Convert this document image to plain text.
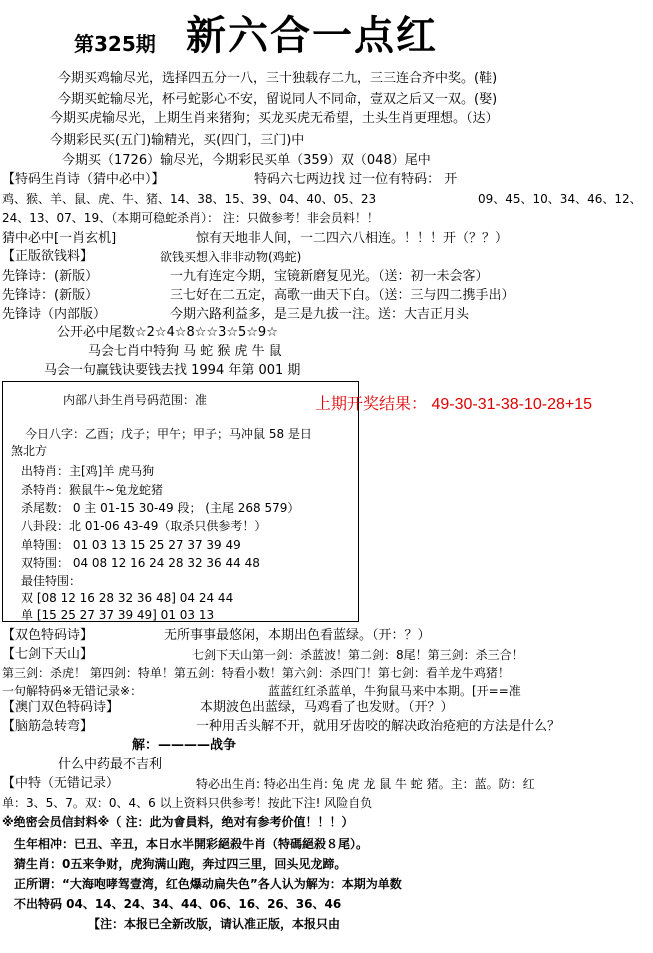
第325期 新六合一点红
今期买鸡输尽光，选择四五分一八，三十独载存二九，三三连合齐中奖。(鞋)
今期买蛇输尽光，杯弓蛇影心不安，留说同人不同命，壹双之后又一双。(娶)
今期买虎输尽光，上期生肖来猪狗；买龙买虎无希望，土头生肖更理想。（达）
今期彩民买(五门)输精光，买(四门，三门)中
今期买（1726）输尽光，今期彩民买单（359）双（048）尾中
【特码生肖诗（猜中必中）】	特码六七两边找 过一位有特码： 开
鸡、猴、羊、鼠、虎、牛、猪、14、38、15、39、04、40、05、23	09、45、10、34、46、12、
24、13、07、19、（本期可稳蛇杀肖）： 注：只做参考！非会员料！！
猜中必中[一肖玄机]	惊有天地非人间，一二四六八相连。！！！开（？？）
【正版欲钱料】	欲钱买想入非非动物(鸡蛇)
先锋诗：(新版）	一九有连定今期，宝镜新磨复见光。（送：初一未会客）
先锋诗：(新版）	三七好在二五定，高歌一曲天下白。（送：三与四二携手出）
先锋诗（内部版）	今期六路利益多，是三是九拔一注。送：大吉正月头
公开必中尾数☆2☆4☆8☆☆3☆5☆9☆
马会七肖中特狗 马 蛇 猴 虎 牛 鼠
马会一句赢钱诀要钱去找 1994 年第 001 期
内部八卦生肖号码范围：准
今日八字：乙酉；戊子；甲午；甲子；马冲鼠 58 是日
煞北方
出特肖：主[鸡]羊 虎马狗
杀特肖：猴鼠牛~兔龙蛇猪
杀尾数： 0 主 01-15 30-49 段； (主尾 268 579）
八卦段：北 01-06 43-49（取杀只供参考！）
单特围： 01 03 13 15 25 27 37 39 49
双特围： 04 08 12 16 24 28 32 36 44 48
最佳特围：
双 [08 12 16 28 32 36 48] 04 24 44
单 [15 25 27 37 39 49] 01 03 13
上期开奖结果： 49-30-31-38-10-28+15
【双色特码诗】	无所事事最悠闲，本期出色看蓝绿。（开：？）
【七剑下天山】	七剑下天山第一剑：杀蓝波！第二剑：8尾！第三剑：杀三合！
第三剑：杀虎！ 第四剑：特单！第五剑：特看小数！第六剑：杀四门！第七剑：看羊龙牛鸡猪！
一句解特码※无错记录※：	蓝蓝红红杀蓝单，牛狗鼠马来中本期。[开==准
【澳门双色特码诗】	本期波色出蓝绿，马鸡看了也发财。（开？）
【脑筋急转弯】	一种用舌头解不开，就用牙齿咬的解决政治疮疤的方法是什么？
解：————战争
什么中药最不吉利
【中特（无错记录）	特必出生肖: 特必出生肖: 兔 虎 龙 鼠 牛 蛇 猪。主：蓝。防：红
单：3、5、7。双：0、4、6 以上资料只供参考！按此下注! 风险自负
※绝密会员信封料※（ 注：此为會員料，绝对有参考价值！！！）
生年相冲：已丑、辛丑，本日水半開彩絕殺牛肖（特碼絕殺８尾）。
猜生肖：0五来争财，虎狗满山跑，奔过四三里，回头见龙蹄。
正所谓：“大海咆哮驾壹湾，红色爆动扁失色”各人认为解为：本期为单数
不出特码 04、14、24、34、44、06、16、26、36、46
【注：本报已全新改版，请认准正版，本报只由
